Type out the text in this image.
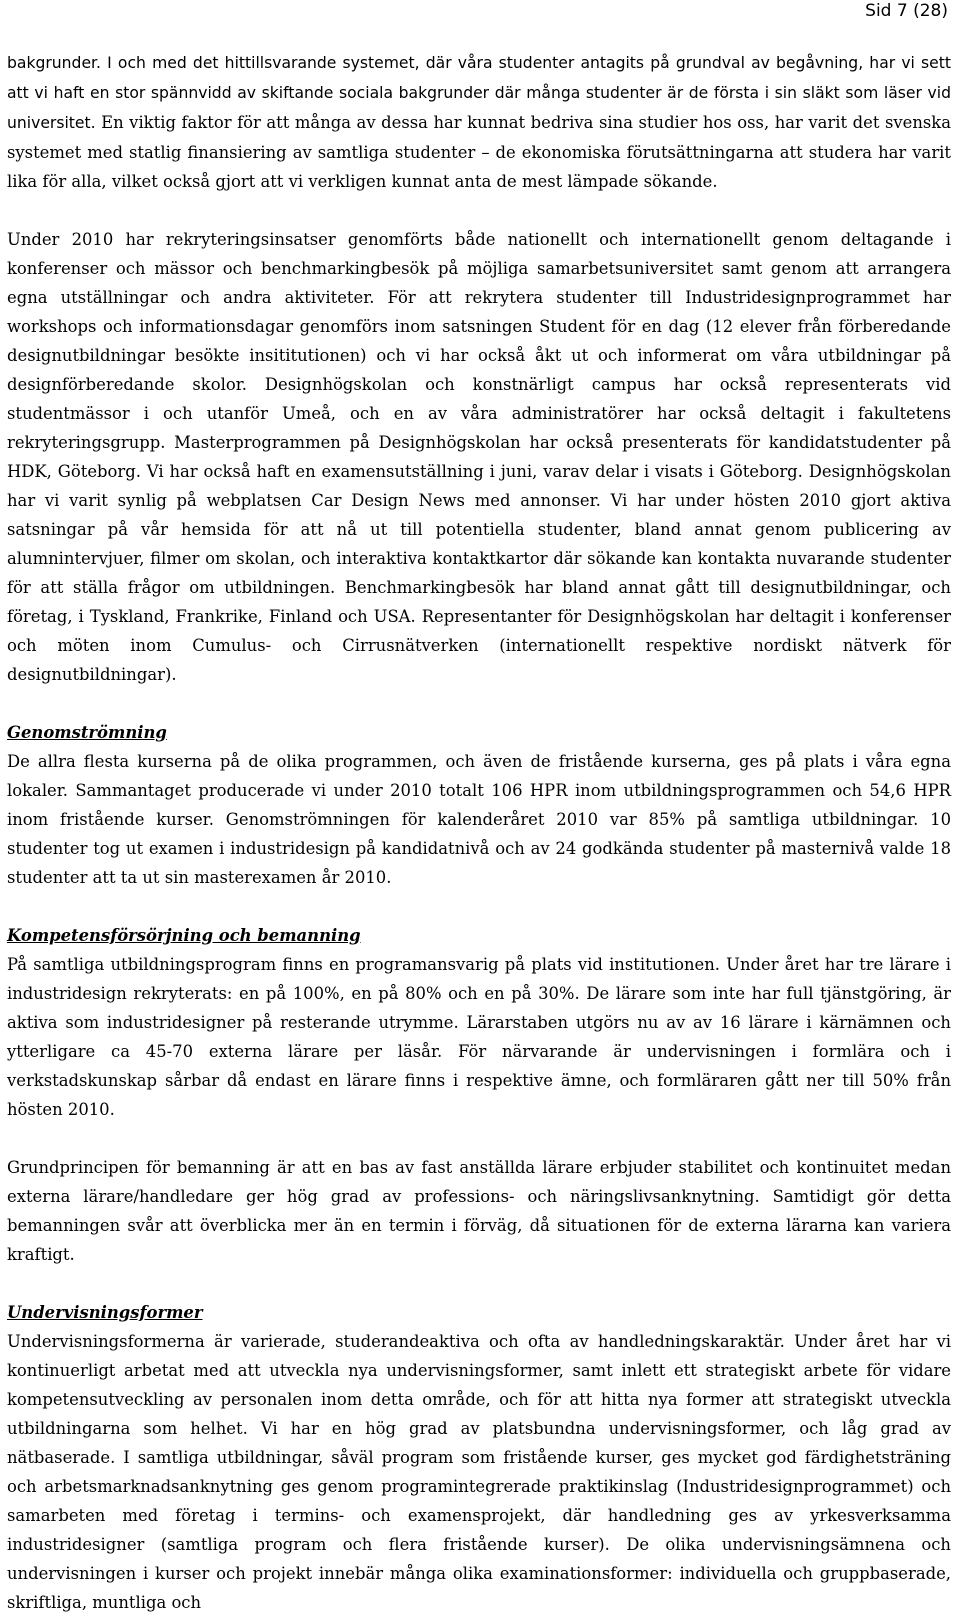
Sid 7 (28)

bakgrunder. I och med det hittillsvarande systemet, där våra studenter antagits på grundval av begåvning, har vi sett att vi haft en stor spännvidd av skiftande sociala bakgrunder där många studenter är de första i sin släkt som läser vid universitet. En viktig faktor för att många av dessa har kunnat bedriva sina studier hos oss, har varit det svenska systemet med statlig finansiering av samtliga studenter – de ekonomiska förutsättningarna att studera har varit lika för alla, vilket också gjort att vi verkligen kunnat anta de mest lämpade sökande.

Under 2010 har rekryteringsinsatser genomförts både nationellt och internationellt genom deltagande i konferenser och mässor och benchmarkingbesök på möjliga samarbetsuniversitet samt genom att arrangera egna utställningar och andra aktiviteter. För att rekrytera studenter till Industridesignprogrammet har workshops och informationsdagar genomförs inom satsningen Student för en dag (12 elever från förberedande designutbildningar besökte insititutionen) och vi har också åkt ut och informerat om våra utbildningar på designförberedande skolor. Designhögskolan och konstnärligt campus har också representerats vid studentmässor i och utanför Umeå, och en av våra administratörer har också deltagit i fakultetens rekryteringsgrupp. Masterprogrammen på Designhögskolan har också presenterats för kandidatstudenter på HDK, Göteborg. Vi har också haft en examensutställning i juni, varav delar i visats i Göteborg. Designhögskolan har vi varit synlig på webplatsen Car Design News med annonser. Vi har under hösten 2010 gjort aktiva satsningar på vår hemsida för att nå ut till potentiella studenter, bland annat genom publicering av alumnintervjuer, filmer om skolan, och interaktiva kontaktkartor där sökande kan kontakta nuvarande studenter för att ställa frågor om utbildningen. Benchmarkingbesök har bland annat gått till designutbildningar, och företag, i Tyskland, Frankrike, Finland och USA. Representanter för Designhögskolan har deltagit i konferenser och möten inom Cumulus- och Cirrusnätverken (internationellt respektive nordiskt nätverk för designutbildningar).

Genomströmning

De allra flesta kurserna på de olika programmen, och även de fristående kurserna, ges på plats i våra egna lokaler. Sammantaget producerade vi under 2010 totalt 106 HPR inom utbildningsprogrammen och 54,6 HPR inom fristående kurser. Genomströmningen för kalenderåret 2010 var 85% på samtliga utbildningar. 10 studenter tog ut examen i industridesign på kandidatnivå och av 24 godkända studenter på masternivå valde 18 studenter att ta ut sin masterexamen år 2010.

Kompetensförsörjning och bemanning

På samtliga utbildningsprogram finns en programansvarig på plats vid institutionen. Under året har tre lärare i industridesign rekryterats: en på 100%, en på 80% och en på 30%. De lärare som inte har full tjänstgöring, är aktiva som industridesigner på resterande utrymme. Lärarstaben utgörs nu av av 16 lärare i kärnämnen och ytterligare ca 45-70 externa lärare per läsår. För närvarande är undervisningen i formlära och i verkstadskunskap sårbar då endast en lärare finns i respektive ämne, och formläraren gått ner till 50% från hösten 2010.

Grundprincipen för bemanning är att en bas av fast anställda lärare erbjuder stabilitet och kontinuitet medan externa lärare/handledare ger hög grad av professions- och näringslivsanknytning. Samtidigt gör detta bemanningen svår att överblicka mer än en termin i förväg, då situationen för de externa lärarna kan variera kraftigt.

Undervisningsformer

Undervisningsformerna är varierade, studerandeaktiva och ofta av handledningskaraktär. Under året har vi kontinuerligt arbetat med att utveckla nya undervisningsformer, samt inlett ett strategiskt arbete för vidare kompetensutveckling av personalen inom detta område, och för att hitta nya former att strategiskt utveckla utbildningarna som helhet. Vi har en hög grad av platsbundna undervisningsformer, och låg grad av nätbaserade. I samtliga utbildningar, såväl program som fristående kurser, ges mycket god färdighetsträning och arbetsmarknadsanknytning ges genom programintegrerade praktikinslag (Industridesignprogrammet) och samarbeten med företag i termins- och examensprojekt, där handledning ges av yrkesverksamma industridesigner (samtliga program och flera fristående kurser). De olika undervisningsämnena och undervisningen i kurser och projekt innebär många olika examinationsformer: individuella och gruppbaserade, skriftliga, muntliga och
